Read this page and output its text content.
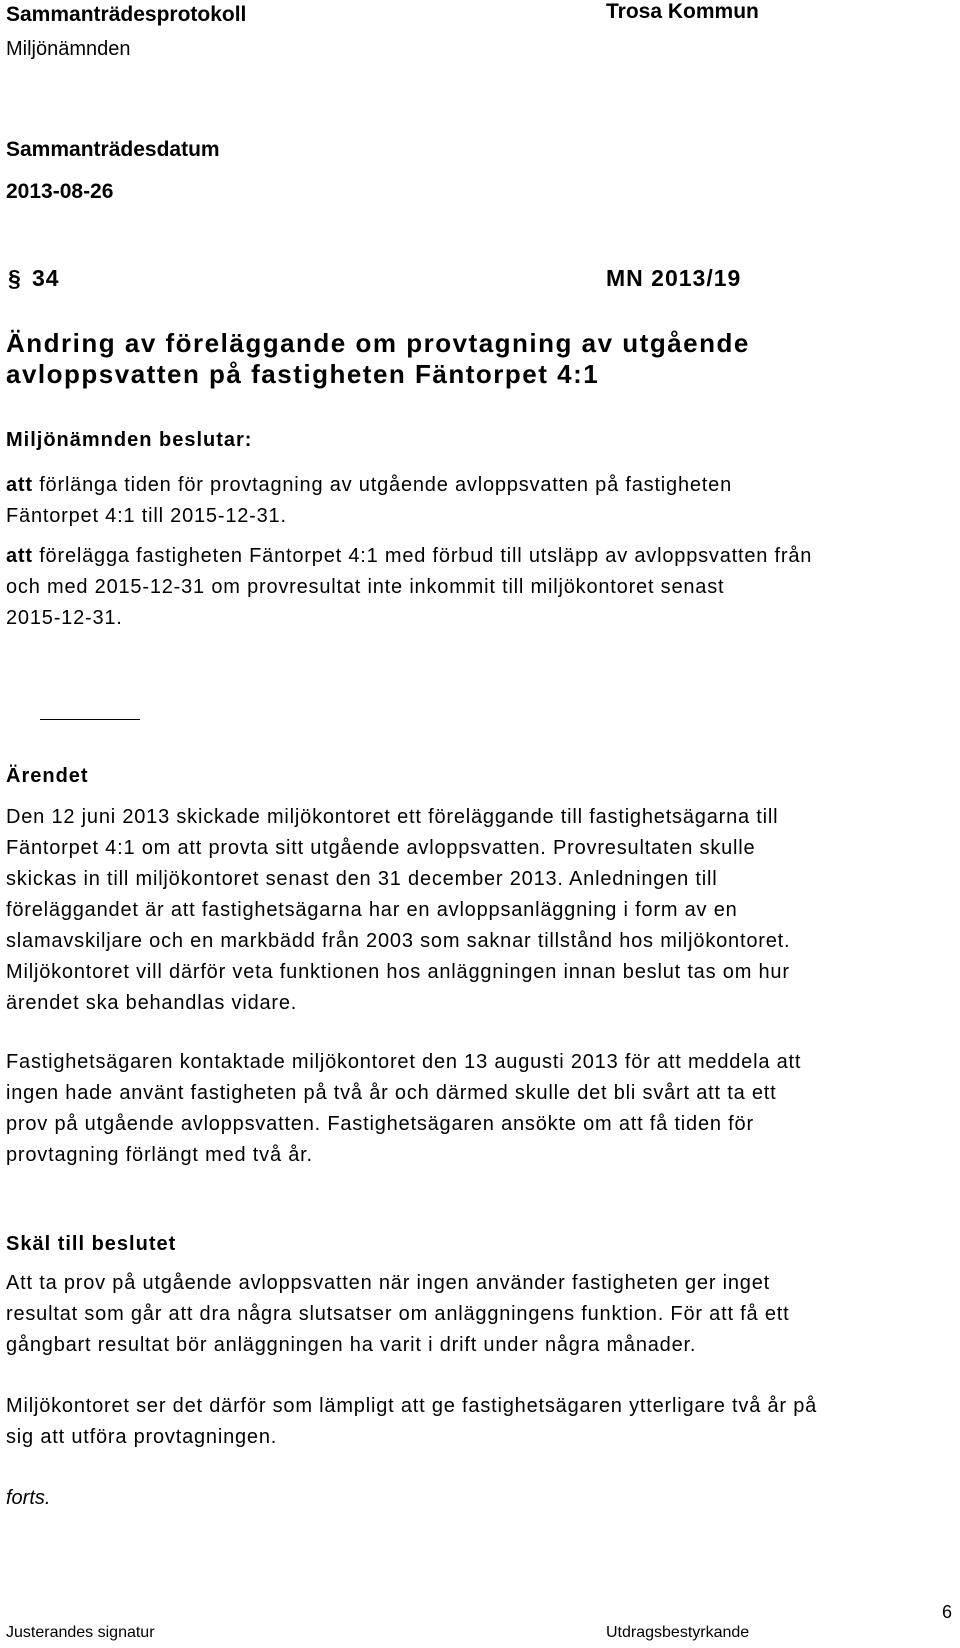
Sammanträdesprotokoll	Trosa Kommun
Miljönämnden
Sammanträdesdatum
2013-08-26
§ 34	MN 2013/19
Ändring av föreläggande om provtagning av utgående
avloppsvatten på fastigheten Fäntorpet 4:1
Miljönämnden beslutar:
att förlänga tiden för provtagning av utgående avloppsvatten på fastigheten
Fäntorpet 4:1 till 2015-12-31.
att förelägga fastigheten Fäntorpet 4:1 med förbud till utsläpp av avloppsvatten från
och med 2015-12-31 om provresultat inte inkommit till miljökontoret senast
2015-12-31.
Ärendet
Den 12 juni 2013 skickade miljökontoret ett föreläggande till fastighetsägarna till
Fäntorpet 4:1 om att provta sitt utgående avloppsvatten. Provresultaten skulle
skickas in till miljökontoret senast den 31 december 2013. Anledningen till
föreläggandet är att fastighetsägarna har en avloppsanläggning i form av en
slamavskiljare och en markbädd från 2003 som saknar tillstånd hos miljökontoret.
Miljökontoret vill därför veta funktionen hos anläggningen innan beslut tas om hur
ärendet ska behandlas vidare.
Fastighetsägaren kontaktade miljökontoret den 13 augusti 2013 för att meddela att
ingen hade använt fastigheten på två år och därmed skulle det bli svårt att ta ett
prov på utgående avloppsvatten. Fastighetsägaren ansökte om att få tiden för
provtagning förlängt med två år.
Skäl till beslutet
Att ta prov på utgående avloppsvatten när ingen använder fastigheten ger inget
resultat som går att dra några slutsatser om anläggningens funktion. För att få ett
gångbart resultat bör anläggningen ha varit i drift under några månader.
Miljökontoret ser det därför som lämpligt att ge fastighetsägaren ytterligare två år på
sig att utföra provtagningen.
forts.
Justerandes signatur	Utdragsbestyrkande
6
